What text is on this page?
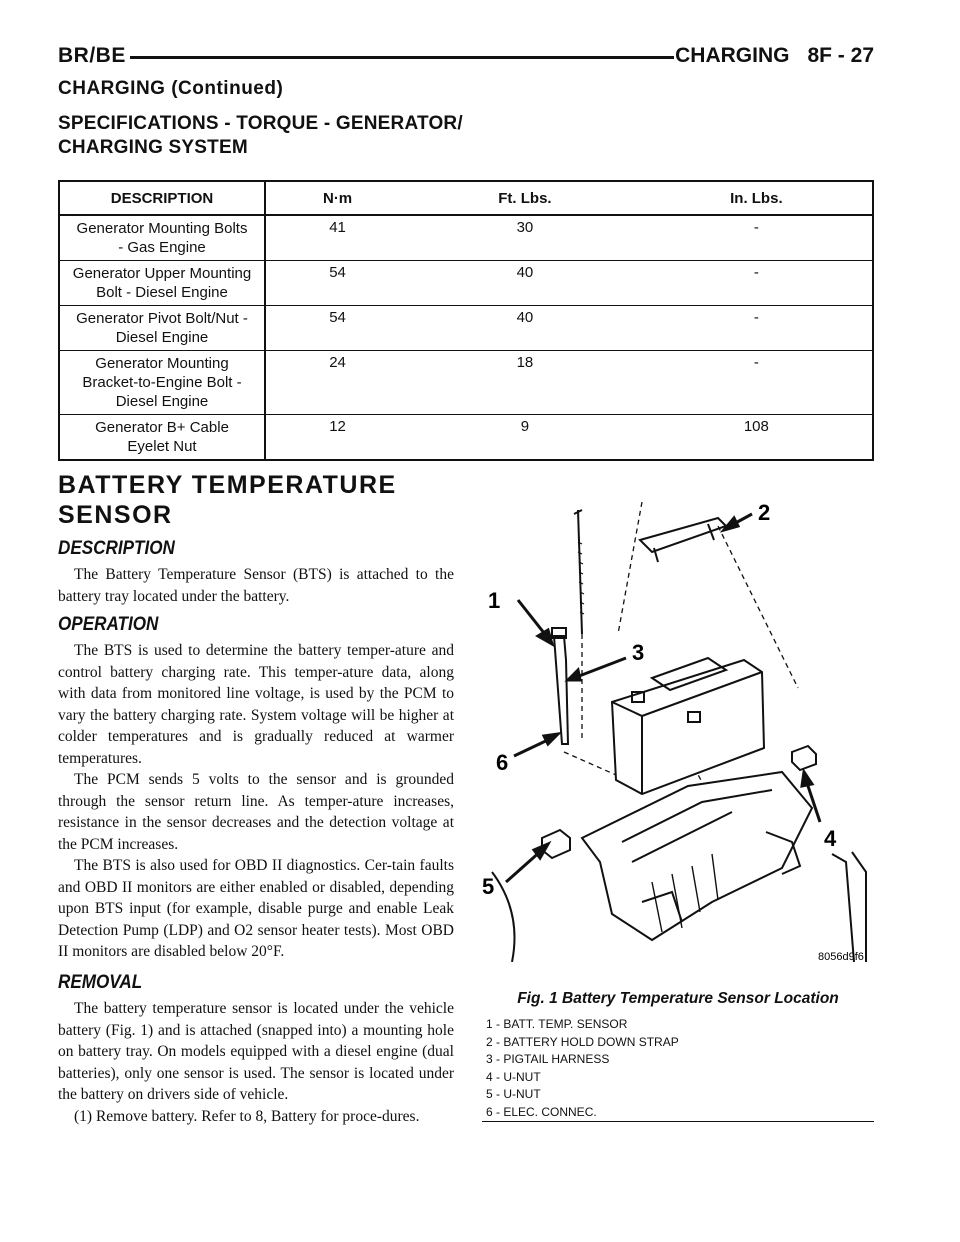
BR/BE	CHARGING 8F - 27
CHARGING (Continued)
SPECIFICATIONS - TORQUE - GENERATOR/
CHARGING SYSTEM
DESCRIPTION	N·m	Ft. Lbs.	In. Lbs.

Generator Mounting Bolts
- Gas Engine	41	30	-

Generator Upper Mounting
Bolt - Diesel Engine	54	40	-

Generator Pivot Bolt/Nut -
Diesel Engine	54	40	-

Generator Mounting
Bracket-to-Engine Bolt -
Diesel Engine	24	18	-

Generator B+ Cable
Eyelet Nut	12	9	108
BATTERY TEMPERATURE
SENSOR
DESCRIPTION

The Battery Temperature Sensor (BTS) is attached to the battery tray located under the battery.

OPERATION

The BTS is used to determine the battery temper-ature and control battery charging rate. This temper-ature data, along with data from monitored line voltage, is used by the PCM to vary the battery charging rate. System voltage will be higher at colder temperatures and is gradually reduced at warmer temperatures.

The PCM sends 5 volts to the sensor and is grounded through the sensor return line. As temper-ature increases, resistance in the sensor decreases and the detection voltage at the PCM increases.

The BTS is also used for OBD II diagnostics. Cer-tain faults and OBD II monitors are either enabled or disabled, depending upon BTS input (for example, disable purge and enable Leak Detection Pump (LDP) and O2 sensor heater tests). Most OBD II monitors are disabled below 20°F.

REMOVAL

The battery temperature sensor is located under the vehicle battery (Fig. 1) and is attached (snapped into) a mounting hole on battery tray. On models equipped with a diesel engine (dual batteries), only one sensor is used. The sensor is located under the battery on drivers side of vehicle.

(1) Remove battery. Refer to 8, Battery for proce-dures.

1
2
3
4
5
6
8056d9f6
Fig. 1 Battery Temperature Sensor Location
1 - BATT. TEMP. SENSOR
2 - BATTERY HOLD DOWN STRAP
3 - PIGTAIL HARNESS
4 - U-NUT
5 - U-NUT
6 - ELEC. CONNEC.
